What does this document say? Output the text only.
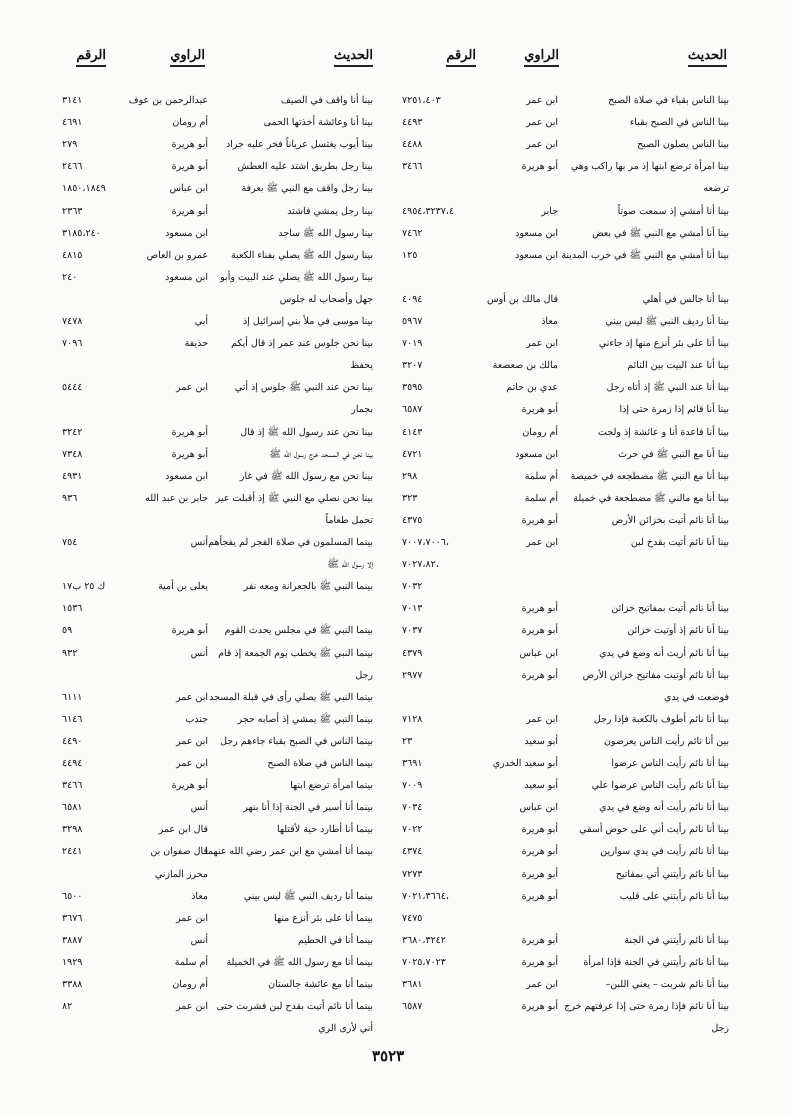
الحديث
الراوي
الرقم
الحديث
الراوي
الرقم
بينا الناس بقباء في صلاة الصبح
ابن عمر
٧٢٥١،٤٠٣
بينا الناس في الصبح بقباء
ابن عمر
٤٤٩٣
بينا الناس يصلون الصبح
ابن عمر
٤٤٨٨
بينا امرأة ترضع ابنها إذ مر بها راكب وهي
أبو هريرة
٣٤٦٦
ترضعه
بينا أنا أمشي إذ سمعت صوتاً
جابر
٤٩٥٤،٣٢٣٧،٤
بينا أنا أمشي مع النبي ﷺ في بعض
ابن مسعود
٧٤٦٢
بينا أنا أمشي مع النبي ﷺ في خرب المدينة
ابن مسعود
١٢٥
بينا أنا جالس في أهلي
قال مالك بن أوس
٤٠٩٤
بينا أنا رديف النبي ﷺ ليس بيني
معاذ
٥٩٦٧
بينا أنا على بئر أنزع منها إذ جاءني
ابن عمر
٧٠١٩
بينا أنا عند البيت بين النائم
مالك بن صعصعة
٣٢٠٧
بينا أنا عند النبي ﷺ إذ أتاه رجل
عدي بن حاتم
٣٥٩٥
بينا أنا قائم إذا زمرة حتى إذا
أبو هريرة
٦٥٨٧
بينا أنا قاعدة أنا و عائشة إذ ولجت
أم رومان
٤١٤٣
بينا أنا مع النبي ﷺ في حرث
ابن مسعود
٤٧٢١
بينا أنا مع النبي ﷺ مضطجعه في خميصة
أم سلمة
٢٩٨
بينا أنا مع مالني ﷺ مضطجعة في خميلة
أم سلمة
٣٢٣
بينا أنا نائم أتيت بخزائن الأرض
أبو هريرة
٤٣٧٥
بينا أنا نائم أتيت بقدح لبن
ابن عمر
٧٠٠٧،٧٠٠٦،
٧٠٢٧،٨٢،
٧٠٣٢
بينا أنا نائم أتيت بمفاتيح خزائن
أبو هريرة
٧٠١٣
بينا أنا نائم إذ أوتيت خزائن
أبو هريرة
٧٠٣٧
بينا أنا نائم أريت أنه وضع في يدي
ابن عباس
٤٣٧٩
بينا أنا نائم أوتيت مفاتيح خزائن الأرض
أبو هريرة
٢٩٧٧
فوضعت في يدي
بينا أنا نائم أطوف بالكعبة فإذا رجل
ابن عمر
٧١٢٨
بين أنا نائم رأيت الناس يعرضون
أبو سعيد
٢٣
بينا أنا نائم رأيت الناس عرضوا
أبو سعيد الخدري
٣٦٩١
بينا أنا نائم رأيت الناس عرضوا علي
أبو سعيد
٧٠٠٩
بينا أنا نائم رأيت أنه وضع في يدي
ابن عباس
٧٠٣٤
بينا أنا نائم رأيت أني على حوض أسقي
أبو هريرة
٧٠٢٢
بينا أنا نائم رأيت في يدي سوارين
أبو هريرة
٤٣٧٤
بينا أنا نائم رأيتني أتي بمفاتيح
أبو هريرة
٧٢٧٣
بينا أنا نائم رأيتني على قليب
أبو هريرة
٧٠٢١،٣٦٦٤،
٧٤٧٥
بينا أنا نائم رأيتني في الجنة
أبو هريرة
٣٦٨٠،٣٢٤٢
بينا أنا نائم رأيتني في الجنة فإذا امرأة
أبو هريرة
٧٠٢٥،٧٠٢٣
بينا أنا نائم شربت – يعني اللبن–
ابن عمر
٣٦٨١
بينا أنا نائم فإذا زمرة حتى إذا عرفتهم خرج
أبو هريرة
٦٥٨٧
رجل
بينا أنا واقف في الصيف
عبدالرحمن بن عوف
٣١٤١
بينا أنا وعائشة أخذتها الحمى
أم رومان
٤٦٩١
بينا أيوب يغتسل عرياناً فخر عليه جراد
أبو هريرة
٢٧٩
بينا رجل بطريق اشتد عليه العطش
أبو هريرة
٢٤٦٦
بينا رجل واقف مع النبي ﷺ بعرفة
ابن عباس
١٨٥٠،١٨٤٩
بينا رجل يمشي فاشتد
أبو هريرة
٢٣٦٣
بينا رسول الله ﷺ ساجد
ابن مسعود
٣١٨٥،٢٤٠
بينا رسول الله ﷺ يصلي بفناء الكعبة
عمرو بن العاص
٤٨١٥
بينا رسول الله ﷺ يصلي عند البيت وأبو
ابن مسعود
٢٤٠
جهل وأصحاب له جلوس
بينا موسى في ملأ بني إسرائيل إذ
أبي
٧٤٧٨
بينا نحن جلوس عند عمر إذ قال أيكم
حذيفة
٧٠٩٦
يحفظ
بينا نحن عند النبي ﷺ جلوس إذ أتي
ابن عمر
٥٤٤٤
بجمار
بينا نحن عند رسول الله ﷺ إذ قال
أبو هريرة
٣٢٤٢
بينا نحن في المسجد خرج رسول الله ﷺ
أبو هريرة
٧٣٤٨
بينا نحن مع رسول الله ﷺ في غار
ابن مسعود
٤٩٣١
بينا نحن نصلي مع النبي ﷺ إذ أقبلت عير
جابر بن عبد الله
٩٣٦
تحمل طعاماً
بينما المسلمون في صلاة الفجر لم يفجأهم
أنس
٧٥٤
إلا رسول الله ﷺ
بينما النبي ﷺ بالجعرانة ومعه نفر
يعلى بن أمية
ك ٢٥ ب١٧
١٥٣٦
بينما النبي ﷺ في مجلس يحدث القوم
أبو هريرة
٥٩
بينما النبي ﷺ يخطب يوم الجمعة إذ قام
أنس
٩٣٢
رجل
بينما النبي ﷺ يصلي رأى في قبلة المسجد
ابن عمر
٦١١١
بينما النبي ﷺ يمشي إذ أصابه حجر
جندب
٦١٤٦
بينما الناس في الصبح بقباء جاءهم رجل
ابن عمر
٤٤٩٠
بينما الناس في صلاة الصبح
ابن عمر
٤٤٩٤
بينما امرأة ترضع ابنها
أبو هريرة
٣٤٦٦
بينما أنا أسير في الجنة إذا أنا بنهر
أنس
٦٥٨١
بينما أنا أطارد حية لأقتلها
قال ابن عمر
٣٢٩٨
بينما أنا أمشي مع ابن عمر رضي الله عنهما
قال صفوان بن
٢٤٤١
محرز المازني
بينما أنا رديف النبي ﷺ ليس بيني
معاذ
٦٥٠٠
بينما أنا على بئر أنزع منها
ابن عمر
٣٦٧٦
بينما أنا في الحطيم
أنس
٣٨٨٧
بينما أنا مع رسول الله ﷺ في الخميلة
أم سلمة
١٩٢٩
بينما أنا مع عائشة جالستان
أم رومان
٣٣٨٨
بينما أنا نائم أتيت بقدح لبن فشربت حتى
ابن عمر
٨٢
أني لأرى الري
٣٥٢٣
